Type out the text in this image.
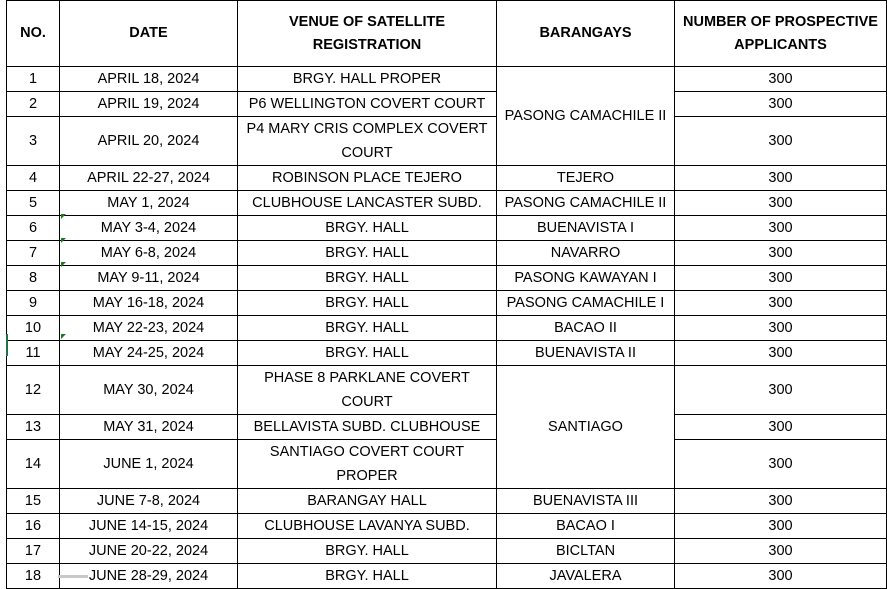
NO.	DATE	VENUE OF SATELLITE REGISTRATION	BARANGAYS	NUMBER OF PROSPECTIVE APPLICANTS
1	APRIL 18, 2024	BRGY. HALL PROPER	PASONG CAMACHILE II	300
2	APRIL 19, 2024	P6 WELLINGTON COVERT COURT		300
3	APRIL 20, 2024	P4 MARY CRIS COMPLEX COVERT COURT		300
4	APRIL 22-27, 2024	ROBINSON PLACE TEJERO	TEJERO	300
5	MAY 1, 2024	CLUBHOUSE LANCASTER SUBD.	PASONG CAMACHILE II	300
6	MAY 3-4, 2024	BRGY. HALL	BUENAVISTA I	300
7	MAY 6-8, 2024	BRGY. HALL	NAVARRO	300
8	MAY 9-11, 2024	BRGY. HALL	PASONG KAWAYAN I	300
9	MAY 16-18, 2024	BRGY. HALL	PASONG CAMACHILE I	300
10	MAY 22-23, 2024	BRGY. HALL	BACAO II	300
11	MAY 24-25, 2024	BRGY. HALL	BUENAVISTA II	300
12	MAY 30, 2024	PHASE 8 PARKLANE COVERT COURT	SANTIAGO	300
13	MAY 31, 2024	BELLAVISTA SUBD. CLUBHOUSE		300
14	JUNE 1, 2024	SANTIAGO COVERT COURT PROPER		300
15	JUNE 7-8, 2024	BARANGAY HALL	BUENAVISTA III	300
16	JUNE 14-15, 2024	CLUBHOUSE LAVANYA SUBD.	BACAO I	300
17	JUNE 20-22, 2024	BRGY. HALL	BICLTAN	300
18	JUNE 28-29, 2024	BRGY. HALL	JAVALERA	300
